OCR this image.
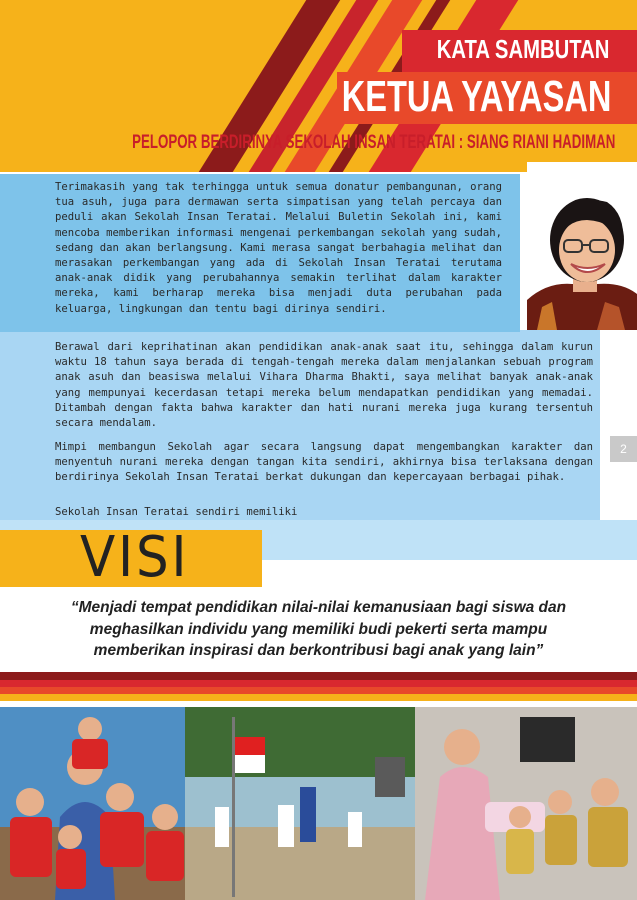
KATA SAMBUTAN
KETUA YAYASAN
PELOPOR BERDIRINYA SEKOLAH INSAN TERATAI : SIANG RIANI HADIMAN

Terimakasih yang tak terhingga untuk semua donatur pembangunan, orang tua asuh, juga para dermawan serta simpatisan yang telah percaya dan peduli akan Sekolah Insan Teratai. Melalui Buletin Sekolah ini, kami mencoba memberikan informasi mengenai perkembangan sekolah yang sudah, sedang dan akan berlangsung. Kami merasa sangat berbahagia melihat dan merasakan perkembangan yang ada di Sekolah Insan Teratai terutama anak-anak didik yang perubahannya semakin terlihat dalam karakter mereka, kami berharap mereka bisa menjadi duta perubahan pada keluarga, lingkungan dan tentu bagi dirinya sendiri.

Berawal dari keprihatinan akan pendidikan anak-anak saat itu, sehingga dalam kurun waktu 18 tahun saya berada di tengah-tengah mereka dalam menjalankan sebuah program anak asuh dan beasiswa melalui Vihara Dharma Bhakti, saya melihat banyak anak-anak yang mempunyai kecerdasan tetapi mereka belum mendapatkan pendidikan yang memadai. Ditambah dengan fakta bahwa karakter dan hati nurani mereka juga kurang tersentuh secara mendalam.

Mimpi membangun Sekolah agar secara langsung dapat mengembangkan karakter dan menyentuh nurani mereka dengan tangan kita sendiri, akhirnya bisa terlaksana dengan berdirinya Sekolah Insan Teratai berkat dukungan dan kepercayaan berbagai pihak.

Sekolah Insan Teratai sendiri memiliki

2
VISI
“Menjadi tempat pendidikan nilai-nilai kemanusiaan bagi siswa dan
meghasilkan individu yang memiliki budi pekerti serta mampu
memberikan inspirasi dan berkontribusi bagi anak yang lain”
